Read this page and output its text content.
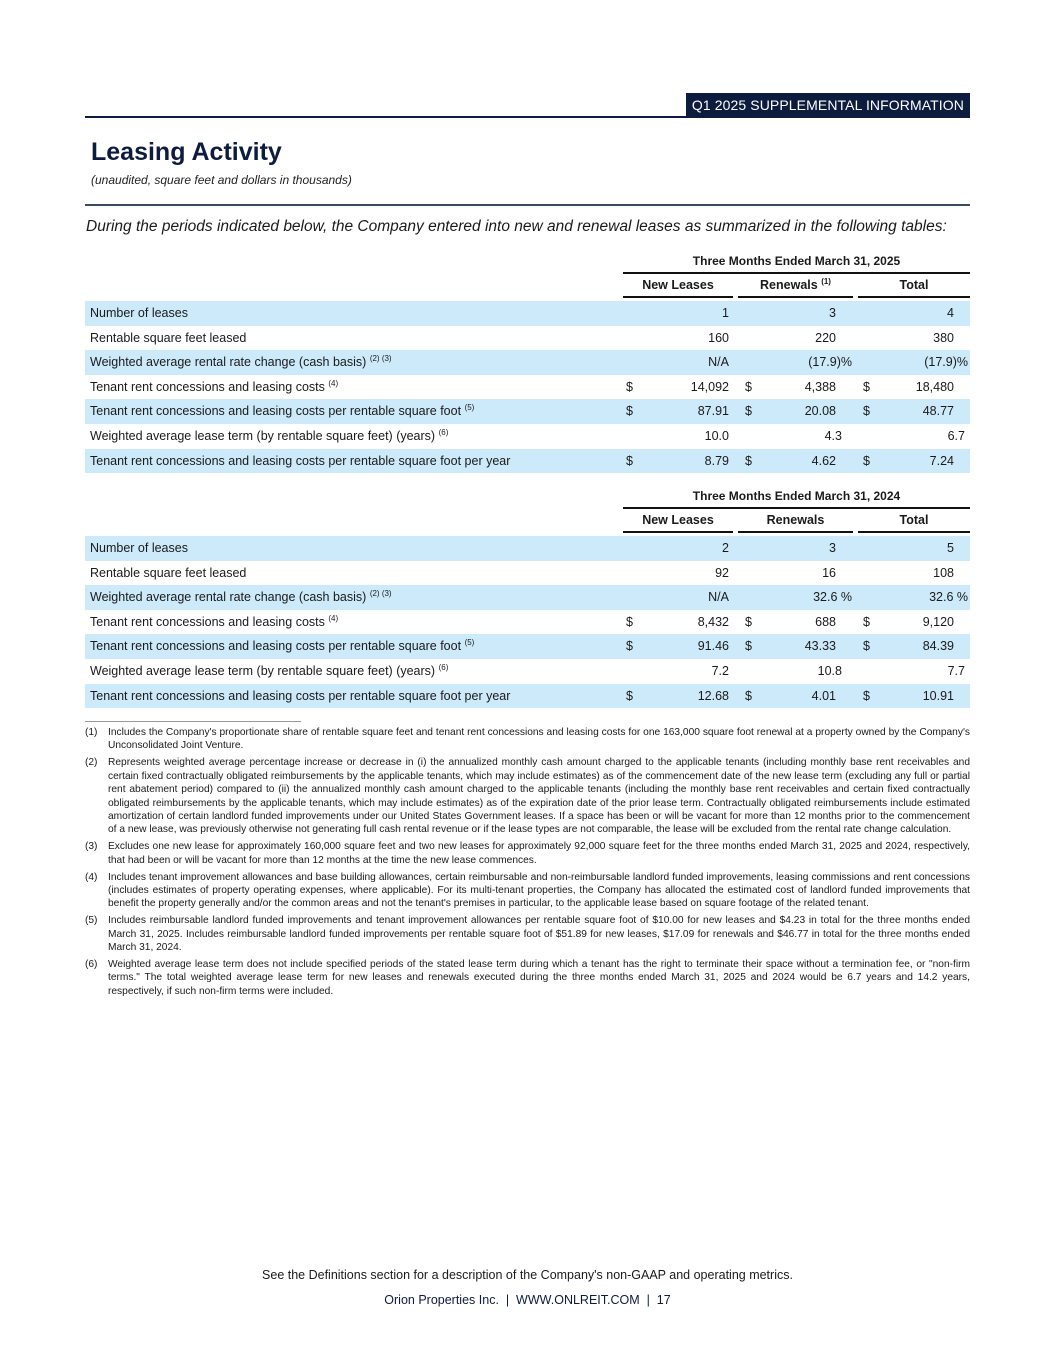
Q1 2025 SUPPLEMENTAL INFORMATION
Leasing Activity
(unaudited, square feet and dollars in thousands)
During the periods indicated below, the Company entered into new and renewal leases as summarized in the following tables:
Three Months Ended March 31, 2025
New Leases	Renewals $^{(1)}$	Total
Number of leases	1	3	4
Rentable square feet leased	160	220	380
Weighted average rental rate change (cash basis) $^{(2) (3)}$	N/A	(17.9)%	(17.9)%
Tenant rent concessions and leasing costs $^{(4)}$	$	14,092 $	4,388 $	18,480
Tenant rent concessions and leasing costs per rentable square foot $^{(5)}$	$	87.91 $	20.08 $	48.77
Weighted average lease term (by rentable square feet) (years) $^{(6)}$	10.0	4.3	6.7
Tenant rent concessions and leasing costs per rentable square foot per year	$	8.79 $	4.62 $	7.24
Three Months Ended March 31, 2024
New Leases	Renewals	Total
Number of leases	2	3	5
Rentable square feet leased	92	16	108
Weighted average rental rate change (cash basis) $^{(2) (3)}$	N/A	32.6 %	32.6 %
Tenant rent concessions and leasing costs $^{(4)}$	$	8,432 $	688 $	9,120
Tenant rent concessions and leasing costs per rentable square foot $^{(5)}$	$	91.46 $	43.33 $	84.39
Weighted average lease term (by rentable square feet) (years) $^{(6)}$	7.2	10.8	7.7
Tenant rent concessions and leasing costs per rentable square foot per year	$	12.68 $	4.01 $	10.91
(1)	Includes the Company's proportionate share of rentable square feet and tenant rent concessions and leasing costs for one 163,000 square foot renewal at a property owned by the Company's Unconsolidated Joint Venture.
(2)	Represents weighted average percentage increase or decrease in (i) the annualized monthly cash amount charged to the applicable tenants (including monthly base rent receivables and certain fixed contractually obligated reimbursements by the applicable tenants, which may include estimates) as of the commencement date of the new lease term (excluding any full or partial rent abatement period) compared to (ii) the annualized monthly cash amount charged to the applicable tenants (including the monthly base rent receivables and certain fixed contractually obligated reimbursements by the applicable tenants, which may include estimates) as of the expiration date of the prior lease term. Contractually obligated reimbursements include estimated amortization of certain landlord funded improvements under our United States Government leases. If a space has been or will be vacant for more than 12 months prior to the commencement of a new lease, was previously otherwise not generating full cash rental revenue or if the lease types are not comparable, the lease will be excluded from the rental rate change calculation.
(3)	Excludes one new lease for approximately 160,000 square feet and two new leases for approximately 92,000 square feet for the three months ended March 31, 2025 and 2024, respectively, that had been or will be vacant for more than 12 months at the time the new lease commences.
(4)	Includes tenant improvement allowances and base building allowances, certain reimbursable and non-reimbursable landlord funded improvements, leasing commissions and rent concessions (includes estimates of property operating expenses, where applicable). For its multi-tenant properties, the Company has allocated the estimated cost of landlord funded improvements that benefit the property generally and/or the common areas and not the tenant's premises in particular, to the applicable lease based on square footage of the related tenant.
(5)	Includes reimbursable landlord funded improvements and tenant improvement allowances per rentable square foot of $10.00 for new leases and $4.23 in total for the three months ended March 31, 2025. Includes reimbursable landlord funded improvements per rentable square foot of $51.89 for new leases, $17.09 for renewals and $46.77 in total for the three months ended March 31, 2024.
(6)	Weighted average lease term does not include specified periods of the stated lease term during which a tenant has the right to terminate their space without a termination fee, or "non-firm terms." The total weighted average lease term for new leases and renewals executed during the three months ended March 31, 2025 and 2024 would be 6.7 years and 14.2 years, respectively, if such non-firm terms were included.
See the Definitions section for a description of the Company's non-GAAP and operating metrics.
Orion Properties Inc.  |  WWW.ONLREIT.COM  |  17
